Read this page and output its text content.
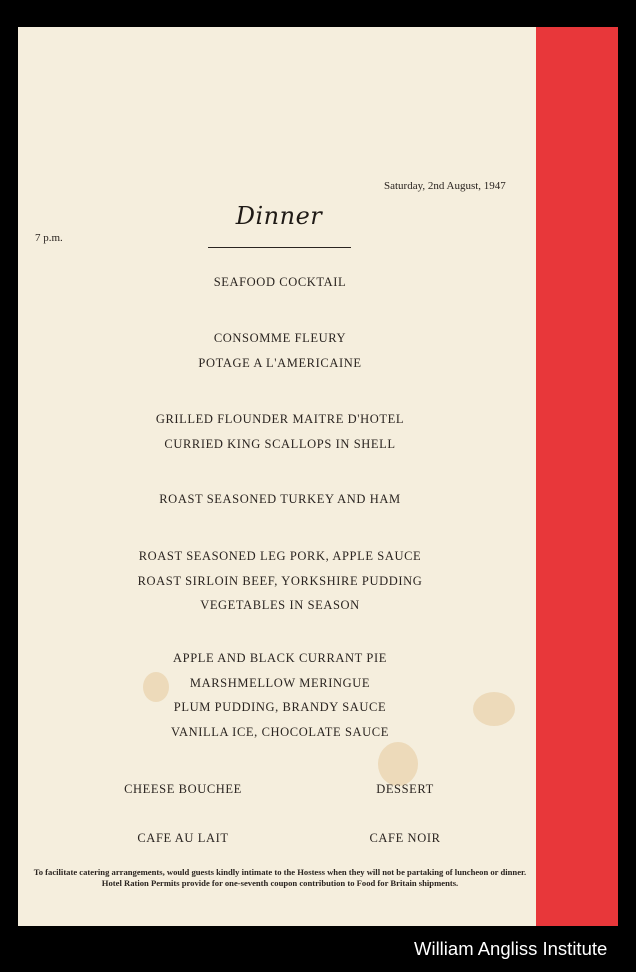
Saturday, 2nd August, 1947
7 p.m.
Dinner
SEAFOOD COCKTAIL
CONSOMME FLEURY
POTAGE A L'AMERICAINE
GRILLED FLOUNDER MAITRE D'HOTEL
CURRIED KING SCALLOPS IN SHELL
ROAST SEASONED TURKEY AND HAM
ROAST SEASONED LEG PORK, APPLE SAUCE
ROAST SIRLOIN BEEF, YORKSHIRE PUDDING
VEGETABLES IN SEASON
APPLE AND BLACK CURRANT PIE
MARSHMELLOW MERINGUE
PLUM PUDDING, BRANDY SAUCE
VANILLA ICE, CHOCOLATE SAUCE
CHEESE BOUCHEE	DESSERT
CAFE AU LAIT	CAFE NOIR
To facilitate catering arrangements, would guests kindly intimate to the Hostess when they will not be partaking of luncheon or dinner. Hotel Ration Permits provide for one-seventh coupon contribution to Food for Britain shipments.
William Angliss Institute
